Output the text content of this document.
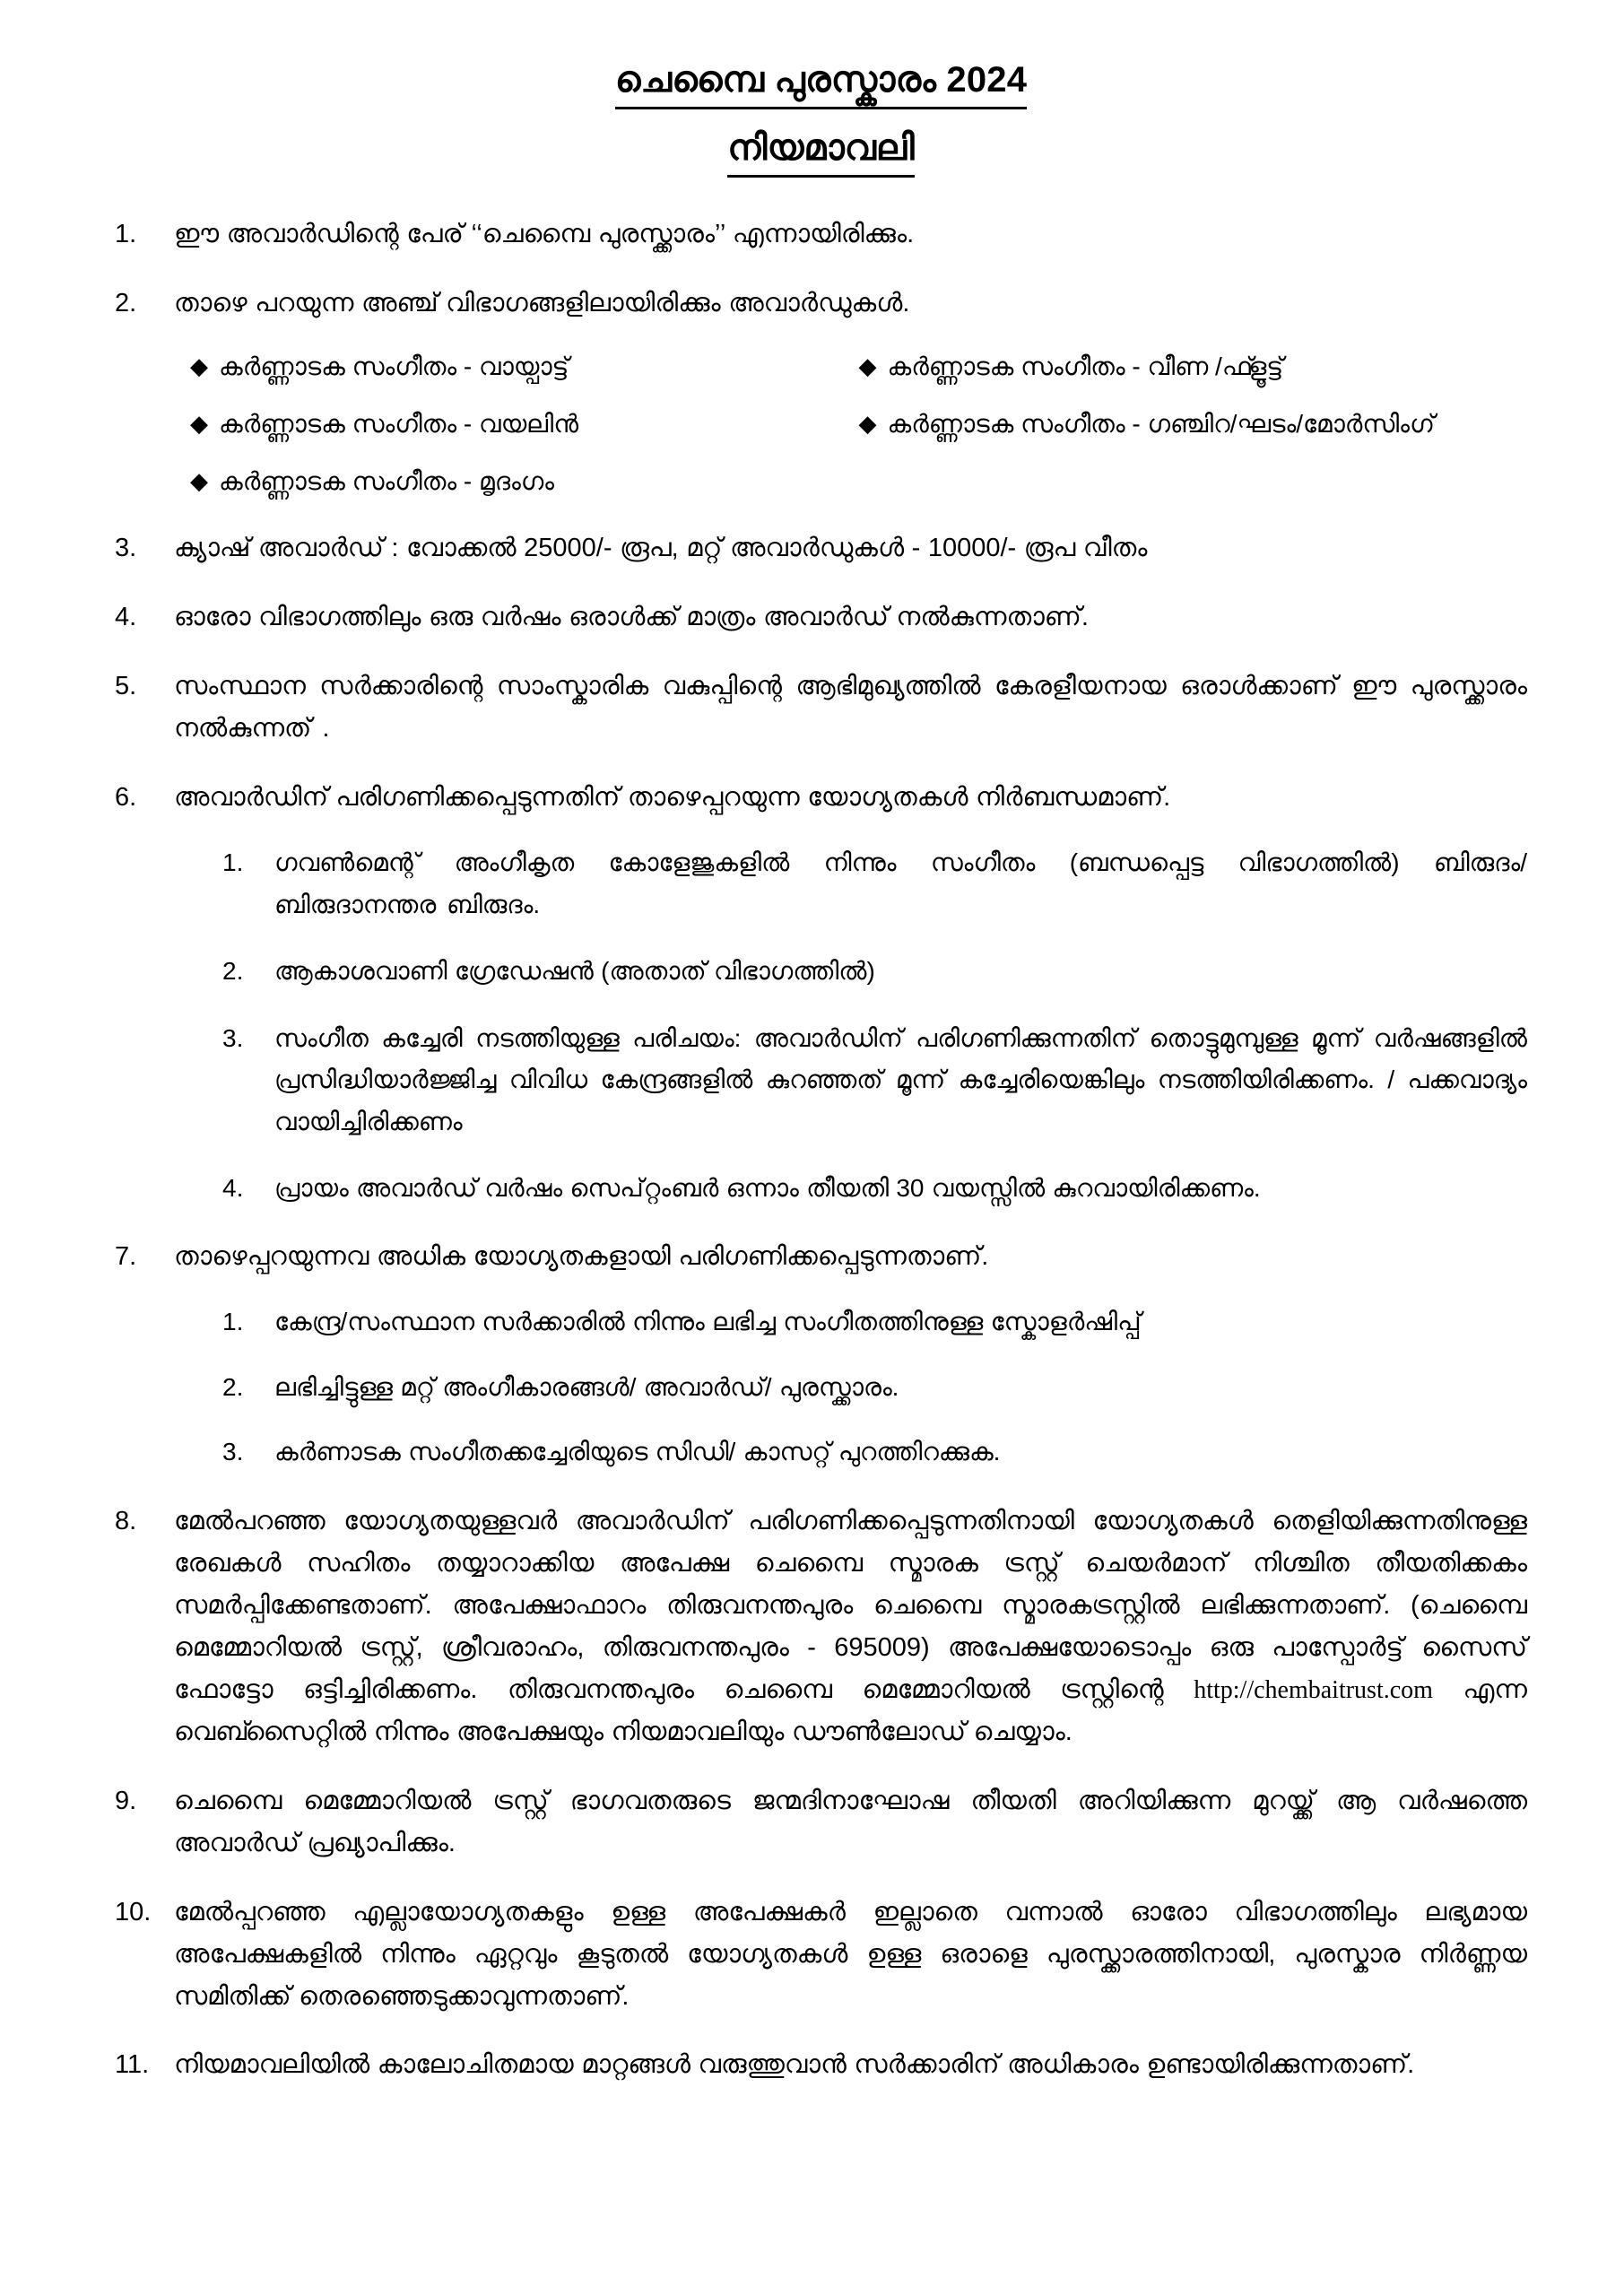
ചെമ്പൈ പുരസ്കാരം 2024
നിയമാവലി
1.	ഈ അവാർഡിന്റെ പേര് ‘‘ചെമ്പൈ പുരസ്ക്കാരം’’ എന്നായിരിക്കും.
2.	താഴെ പറയുന്ന അഞ്ച് വിഭാഗങ്ങളിലായിരിക്കും അവാർഡുകൾ.
◆ കർണ്ണാടക സംഗീതം - വായ്പാട്ട്	◆ കർണ്ണാടക സംഗീതം - വീണ /ഫ്ളൂട്ട്
◆ കർണ്ണാടക സംഗീതം - വയലിൻ	◆ കർണ്ണാടക സംഗീതം - ഗഞ്ചിറ/ഘടം/മോർസിംഗ്
◆ കർണ്ണാടക സംഗീതം - മൃദംഗം
3.	ക്യാഷ് അവാർഡ് : വോക്കൽ 25000/- രൂപ, മറ്റ് അവാർഡുകൾ - 10000/- രൂപ വീതം
4.	ഓരോ വിഭാഗത്തിലും ഒരു വർഷം ഒരാൾക്ക് മാത്രം അവാർഡ് നൽകുന്നതാണ്.
5.	സംസ്ഥാന സർക്കാരിന്റെ സാംസ്കാരിക വകുപ്പിന്റെ ആഭിമുഖ്യത്തിൽ കേരളീയനായ ഒരാൾക്കാണ് ഈ പുരസ്ക്കാരം നൽകുന്നത് .
6.	അവാർഡിന് പരിഗണിക്കപ്പെടുന്നതിന് താഴെപ്പറയുന്ന യോഗ്യതകൾ നിർബന്ധമാണ്.
1.	ഗവൺമെന്റ് അംഗീകൃത കോളേജുകളിൽ നിന്നും സംഗീതം (ബന്ധപ്പെട്ട വിഭാഗത്തിൽ) ബിരുദം/ ബിരുദാനന്തര ബിരുദം.
2.	ആകാശവാണി ഗ്രേഡേഷൻ (അതാത് വിഭാഗത്തിൽ)
3.	സംഗീത കച്ചേരി നടത്തിയുള്ള പരിചയം: അവാർഡിന് പരിഗണിക്കുന്നതിന് തൊട്ടുമുമ്പുള്ള മൂന്ന് വർഷങ്ങളിൽ പ്രസിദ്ധിയാർജ്ജിച്ച വിവിധ കേന്ദ്രങ്ങളിൽ കുറഞ്ഞത് മൂന്ന് കച്ചേരിയെങ്കിലും നടത്തിയിരിക്കണം. / പക്കവാദ്യം വായിച്ചിരിക്കണം
4.	പ്രായം അവാർഡ് വർഷം സെപ്റ്റംബർ ഒന്നാം തീയതി 30 വയസ്സിൽ കുറവായിരിക്കണം.
7.	താഴെപ്പറയുന്നവ അധിക യോഗ്യതകളായി പരിഗണിക്കപ്പെടുന്നതാണ്.
1.	കേന്ദ്ര/സംസ്ഥാന സർക്കാരിൽ നിന്നും ലഭിച്ച സംഗീതത്തിനുള്ള സ്കോളർഷിപ്പ്
2.	ലഭിച്ചിട്ടുള്ള മറ്റ് അംഗീകാരങ്ങൾ/ അവാർഡ്/ പുരസ്ക്കാരം.
3.	കർണാടക സംഗീതക്കച്ചേരിയുടെ സിഡി/ കാസറ്റ് പുറത്തിറക്കുക.
8.	മേൽപറഞ്ഞ യോഗ്യതയുള്ളവർ അവാർഡിന് പരിഗണിക്കപ്പെടുന്നതിനായി യോഗ്യതകൾ തെളിയിക്കുന്നതിനുള്ള രേഖകൾ സഹിതം തയ്യാറാക്കിയ അപേക്ഷ ചെമ്പൈ സ്മാരക ട്രസ്റ്റ് ചെയർമാന് നിശ്ചിത തീയതിക്കകം സമർപ്പിക്കേണ്ടതാണ്. അപേക്ഷാഫാറം തിരുവനന്തപുരം ചെമ്പൈ സ്മാരകട്രസ്റ്റിൽ ലഭിക്കുന്നതാണ്. (ചെമ്പൈ മെമ്മോറിയൽ ട്രസ്റ്റ്, ശ്രീവരാഹം, തിരുവനന്തപുരം - 695009) അപേക്ഷയോടൊപ്പം ഒരു പാസ്പോർട്ട് സൈസ് ഫോട്ടോ ഒട്ടിച്ചിരിക്കണം. തിരുവനന്തപുരം ചെമ്പൈ മെമ്മോറിയൽ ട്രസ്റ്റിന്റെ http://chembaitrust.com എന്ന വെബ്സൈറ്റിൽ നിന്നും അപേക്ഷയും നിയമാവലിയും ഡൗൺലോഡ് ചെയ്യാം.
9.	ചെമ്പൈ മെമ്മോറിയൽ ട്രസ്റ്റ് ഭാഗവതരുടെ ജന്മദിനാഘോഷ തീയതി അറിയിക്കുന്ന മുറയ്ക്ക് ആ വർഷത്തെ അവാർഡ് പ്രഖ്യാപിക്കും.
10. മേൽപ്പറഞ്ഞ എല്ലായോഗ്യതകളും ഉള്ള അപേക്ഷകർ ഇല്ലാതെ വന്നാൽ ഓരോ വിഭാഗത്തിലും ലഭ്യമായ അപേക്ഷകളിൽ നിന്നും ഏറ്റവും കൂടുതൽ യോഗ്യതകൾ ഉള്ള ഒരാളെ പുരസ്ക്കാരത്തിനായി, പുരസ്കാര നിർണ്ണയ സമിതിക്ക് തെരഞ്ഞെടുക്കാവുന്നതാണ്.
11. നിയമാവലിയിൽ കാലോചിതമായ മാറ്റങ്ങൾ വരുത്തുവാൻ സർക്കാരിന് അധികാരം ഉണ്ടായിരിക്കുന്നതാണ്.
